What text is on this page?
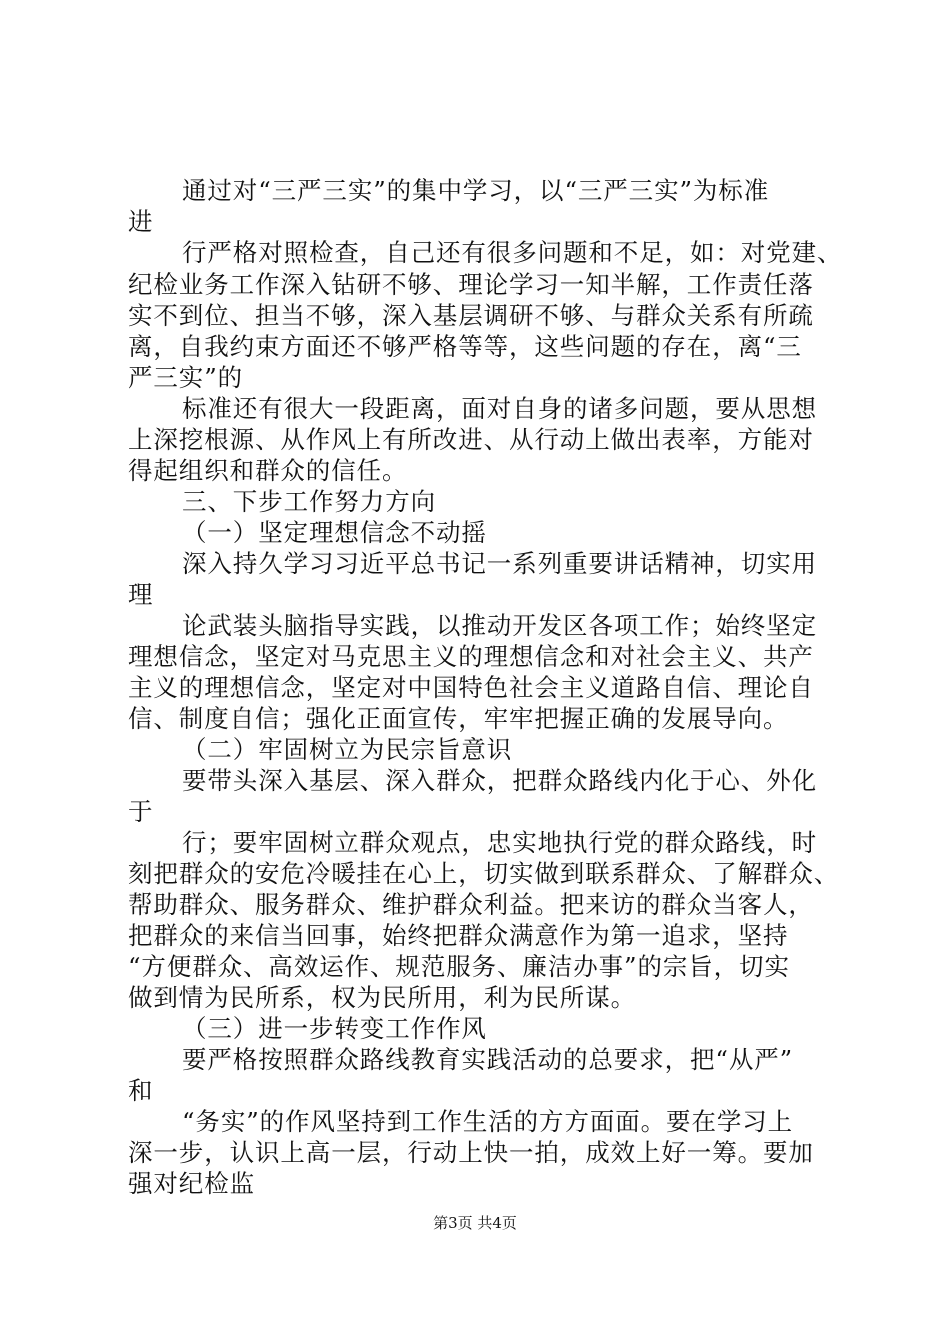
通过对“三严三实”的集中学习，以“三严三实”为标准
进
行严格对照检查，自己还有很多问题和不足，如：对党建、
纪检业务工作深入钻研不够、理论学习一知半解，工作责任落
实不到位、担当不够，深入基层调研不够、与群众关系有所疏
离，自我约束方面还不够严格等等，这些问题的存在，离“三
严三实”的
标准还有很大一段距离，面对自身的诸多问题，要从思想
上深挖根源、从作风上有所改进、从行动上做出表率，方能对
得起组织和群众的信任。
三、下步工作努力方向
（一）坚定理想信念不动摇
深入持久学习习近平总书记一系列重要讲话精神，切实用
理
论武装头脑指导实践，以推动开发区各项工作；始终坚定
理想信念，坚定对马克思主义的理想信念和对社会主义、共产
主义的理想信念，坚定对中国特色社会主义道路自信、理论自
信、制度自信；强化正面宣传，牢牢把握正确的发展导向。
（二）牢固树立为民宗旨意识
要带头深入基层、深入群众，把群众路线内化于心、外化
于
行；要牢固树立群众观点，忠实地执行党的群众路线，时
刻把群众的安危冷暖挂在心上，切实做到联系群众、了解群众、
帮助群众、服务群众、维护群众利益。把来访的群众当客人，
把群众的来信当回事，始终把群众满意作为第一追求，坚持
“方便群众、高效运作、规范服务、廉洁办事”的宗旨，切实
做到情为民所系，权为民所用，利为民所谋。
（三）进一步转变工作作风
要严格按照群众路线教育实践活动的总要求，把“从严”
和
“务实”的作风坚持到工作生活的方方面面。要在学习上
深一步，认识上高一层，行动上快一拍，成效上好一筹。要加
强对纪检监
第3页 共4页
